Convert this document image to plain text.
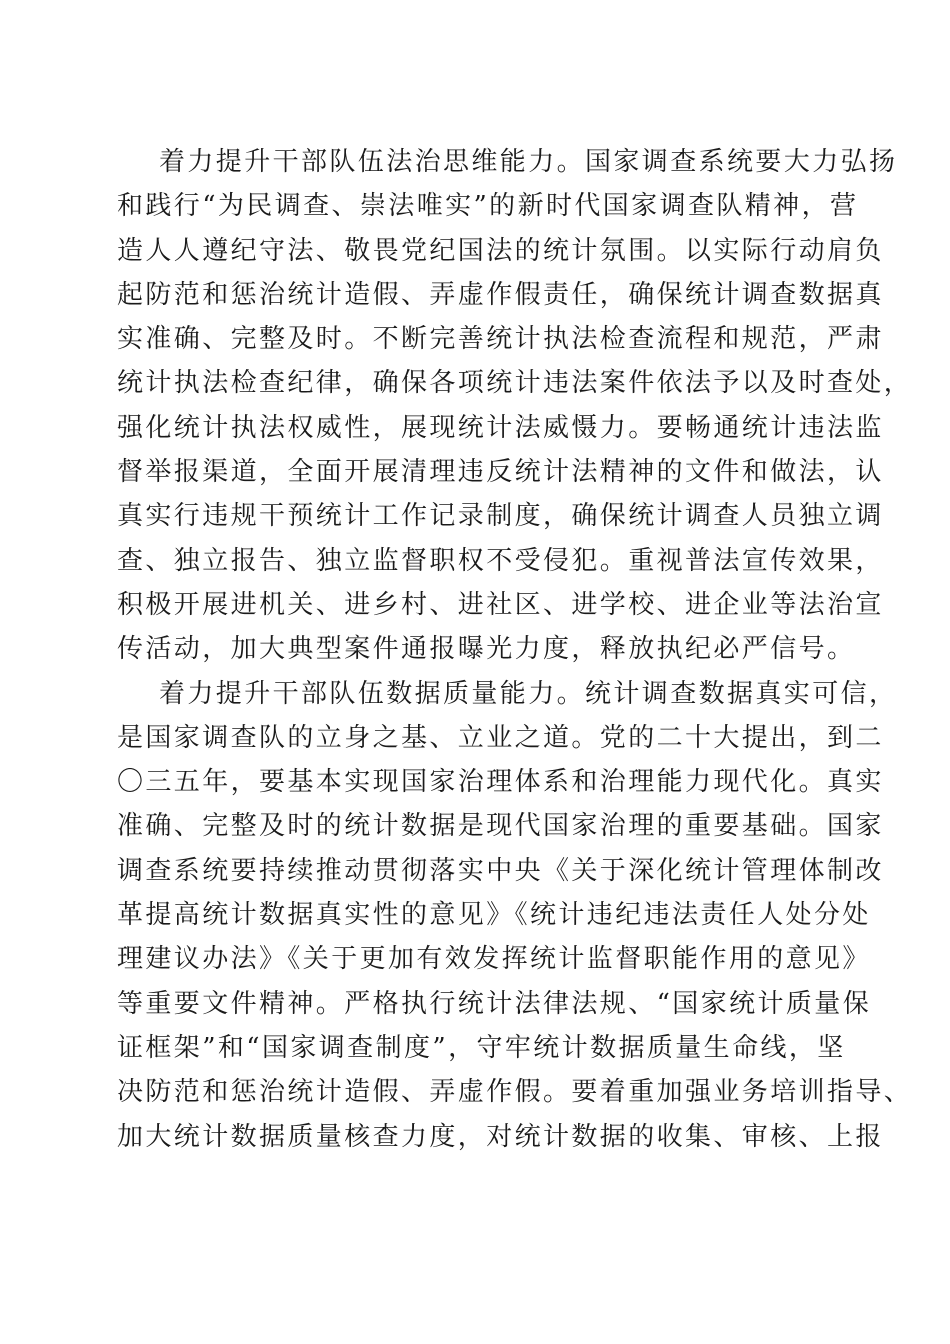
着力提升干部队伍法治思维能力。国家调查系统要大力弘扬
和践行“为民调查、崇法唯实”的新时代国家调查队精神，营
造人人遵纪守法、敬畏党纪国法的统计氛围。以实际行动肩负
起防范和惩治统计造假、弄虚作假责任，确保统计调查数据真
实准确、完整及时。不断完善统计执法检查流程和规范，严肃
统计执法检查纪律，确保各项统计违法案件依法予以及时查处，
强化统计执法权威性，展现统计法威慑力。要畅通统计违法监
督举报渠道，全面开展清理违反统计法精神的文件和做法，认
真实行违规干预统计工作记录制度，确保统计调查人员独立调
查、独立报告、独立监督职权不受侵犯。重视普法宣传效果，
积极开展进机关、进乡村、进社区、进学校、进企业等法治宣
传活动，加大典型案件通报曝光力度，释放执纪必严信号。

着力提升干部队伍数据质量能力。统计调查数据真实可信，
是国家调查队的立身之基、立业之道。党的二十大提出，到二
〇三五年，要基本实现国家治理体系和治理能力现代化。真实
准确、完整及时的统计数据是现代国家治理的重要基础。国家
调查系统要持续推动贯彻落实中央《关于深化统计管理体制改
革提高统计数据真实性的意见》《统计违纪违法责任人处分处
理建议办法》《关于更加有效发挥统计监督职能作用的意见》
等重要文件精神。严格执行统计法律法规、“国家统计质量保
证框架”和“国家调查制度”，守牢统计数据质量生命线，坚
决防范和惩治统计造假、弄虚作假。要着重加强业务培训指导、
加大统计数据质量核查力度，对统计数据的收集、审核、上报
